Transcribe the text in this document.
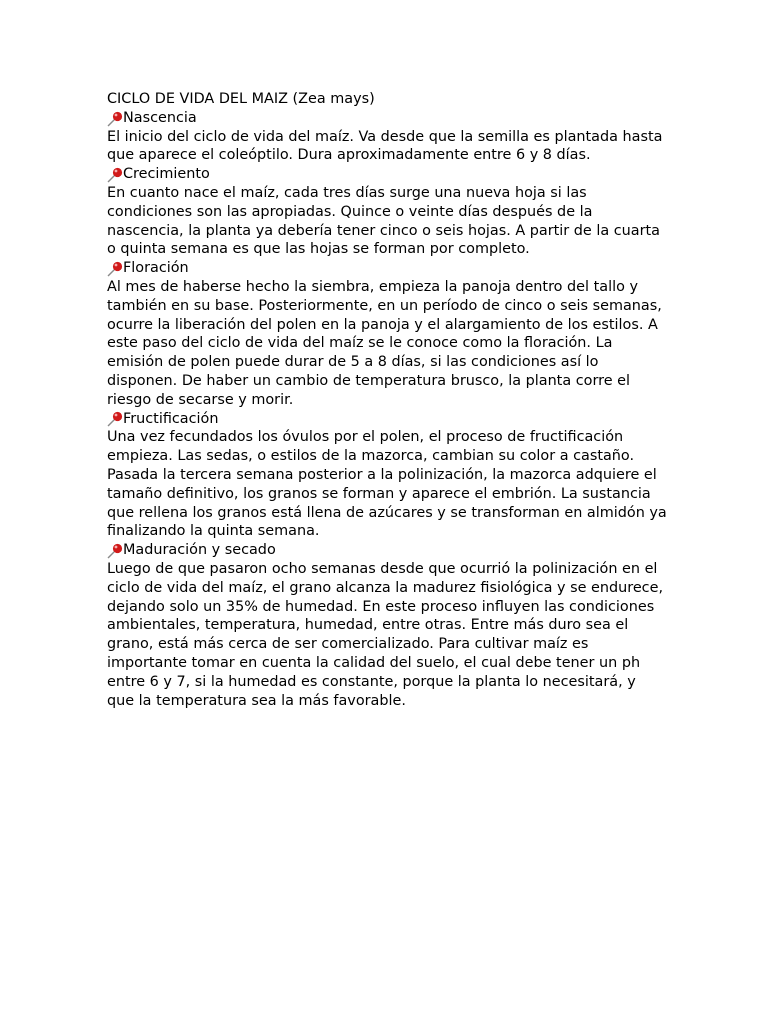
CICLO DE VIDA DEL MAIZ (Zea mays)
Nascencia

El inicio del ciclo de vida del maíz. Va desde que la semilla es plantada hasta que aparece el coleóptilo. Dura aproximadamente entre 6 y 8 días.

Crecimiento

En cuanto nace el maíz, cada tres días surge una nueva hoja si las condiciones son las apropiadas. Quince o veinte días después de la nascencia, la planta ya debería tener cinco o seis hojas. A partir de la cuarta o quinta semana es que las hojas se forman por completo.

Floración

Al mes de haberse hecho la siembra, empieza la panoja dentro del tallo y también en su base. Posteriormente, en un período de cinco o seis semanas, ocurre la liberación del polen en la panoja y el alargamiento de los estilos. A este paso del ciclo de vida del maíz se le conoce como la floración. La emisión de polen puede durar de 5 a 8 días, si las condiciones así lo disponen. De haber un cambio de temperatura brusco, la planta corre el riesgo de secarse y morir.

Fructificación

Una vez fecundados los óvulos por el polen, el proceso de fructificación empieza. Las sedas, o estilos de la mazorca, cambian su color a castaño. Pasada la tercera semana posterior a la polinización, la mazorca adquiere el tamaño definitivo, los granos se forman y aparece el embrión. La sustancia que rellena los granos está llena de azúcares y se transforman en almidón ya finalizando la quinta semana.

Maduración y secado

Luego de que pasaron ocho semanas desde que ocurrió la polinización en el ciclo de vida del maíz, el grano alcanza la madurez fisiológica y se endurece, dejando solo un 35% de humedad. En este proceso influyen las condiciones ambientales, temperatura, humedad, entre otras. Entre más duro sea el grano, está más cerca de ser comercializado. Para cultivar maíz es importante tomar en cuenta la calidad del suelo, el cual debe tener un ph entre 6 y 7, si la humedad es constante, porque la planta lo necesitará, y que la temperatura sea la más favorable.
